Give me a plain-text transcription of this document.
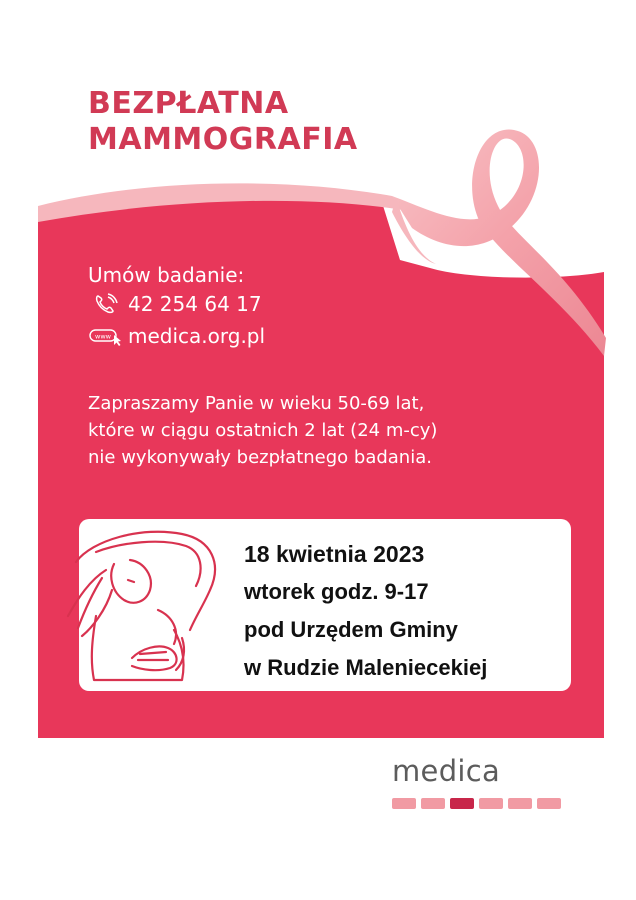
BEZPŁATNA
MAMMOGRAFIA
Umów badanie:
42 254 64 17
www medica.org.pl
Zapraszamy Panie w wieku 50-69 lat,
które w ciągu ostatnich 2 lat (24 m-cy)
nie wykonywały bezpłatnego badania.
18 kwietnia 2023
wtorek godz. 9-17
pod Urzędem Gminy
w Rudzie Maleniecekiej
medica
